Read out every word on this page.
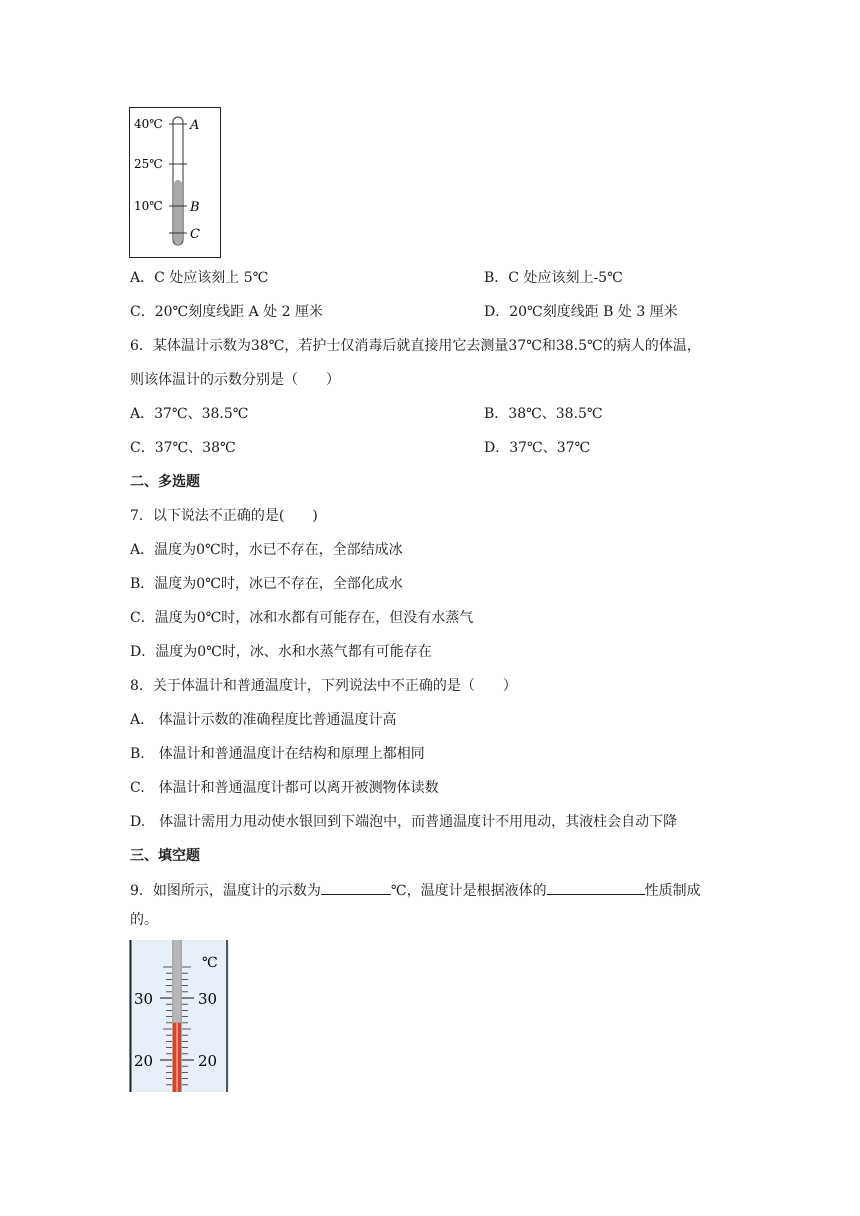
40℃
25℃
10℃
A
B
C
A．C 处应该刻上 5℃	B．C 处应该刻上-5℃
C．20℃刻度线距 A 处 2 厘米	D．20℃刻度线距 B 处 3 厘米
6．某体温计示数为38℃，若护士仅消毒后就直接用它去测量37℃和38.5℃的病人的体温，
则该体温计的示数分别是（　　）
A．37℃、38.5℃	B．38℃、38.5℃
C．37℃、38℃	D．37℃、37℃
二、多选题
7．以下说法不正确的是(　　)
A．温度为0℃时，水已不存在，全部结成冰
B．温度为0℃时，冰已不存在，全部化成水
C．温度为0℃时，冰和水都有可能存在，但没有水蒸气
D．温度为0℃时，冰、水和水蒸气都有可能存在
8．关于体温计和普通温度计，下列说法中不正确的是（　　）
A.　体温计示数的准确程度比普通温度计高
B.　体温计和普通温度计在结构和原理上都相同
C.　体温计和普通温度计都可以离开被测物体读数
D.　体温计需用力甩动使水银回到下端泡中，而普通温度计不用甩动，其液柱会自动下降
三、填空题
9．如图所示，温度计的示数为	℃，温度计是根据液体的	性质制成
的。
℃
30
20
30
20
